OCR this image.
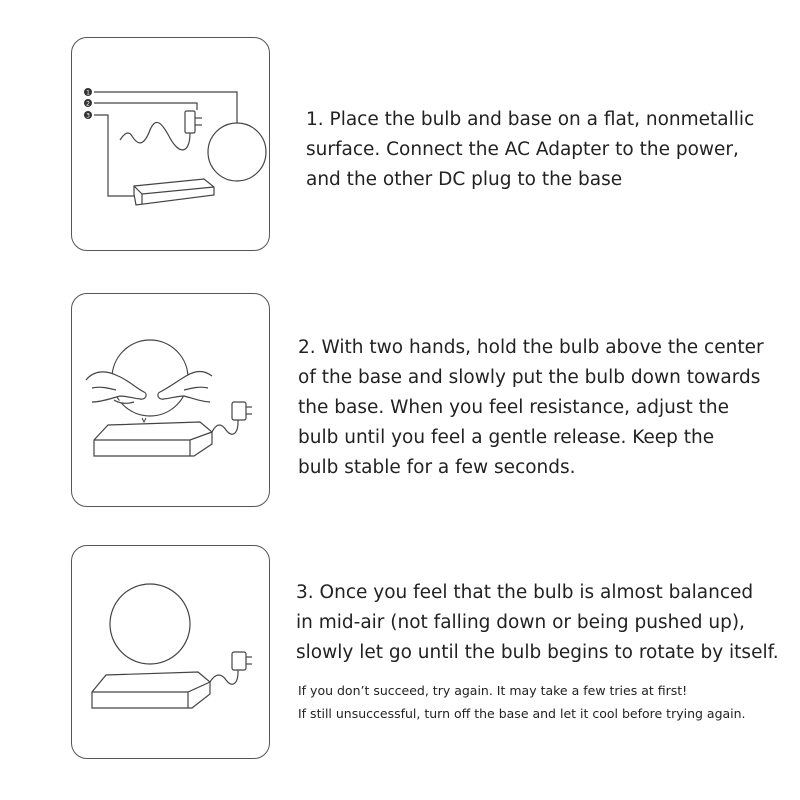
1
2
3	1. Place the bulb and base on a flat, nonmetallic
surface. Connect the AC Adapter to the power,
and the other DC plug to the base
2. With two hands, hold the bulb above the center
of the base and slowly put the bulb down towards
the base. When you feel resistance, adjust the
bulb until you feel a gentle release. Keep the
bulb stable for a few seconds.
3. Once you feel that the bulb is almost balanced
in mid-air (not falling down or being pushed up),
slowly let go until the bulb begins to rotate by itself.
If you don’t succeed, try again. It may take a few tries at first!
If still unsuccessful, turn off the base and let it cool before trying again.
